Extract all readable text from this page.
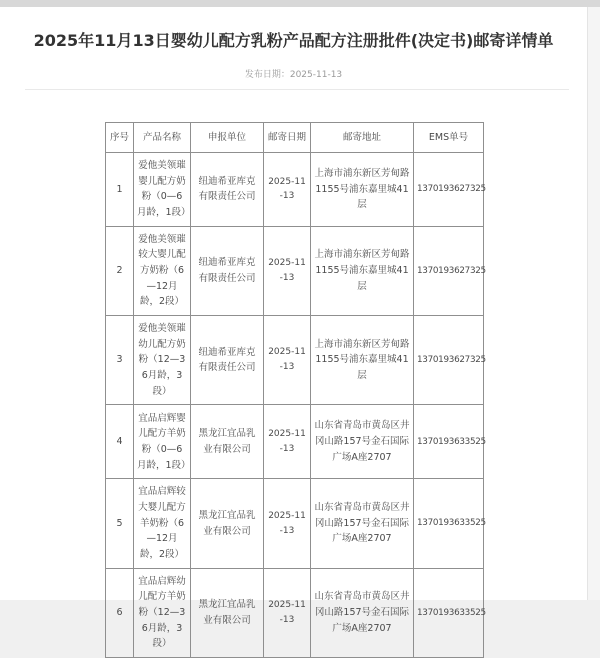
2025年11月13日婴幼儿配方乳粉产品配方注册批件(决定书)邮寄详情单
发布日期：2025-11-13
序号	产品名称	申报单位	邮寄日期	邮寄地址	EMS单号
1	爱他美领璀婴儿配方奶粉（0—6月龄，1段）	纽迪希亚库克有限责任公司	2025-11-13	上海市浦东新区芳甸路1155号浦东嘉里城41层	1370193627325
2	爱他美领璀较大婴儿配方奶粉（6—12月龄，2段）	纽迪希亚库克有限责任公司	2025-11-13	上海市浦东新区芳甸路1155号浦东嘉里城41层	1370193627325
3	爱他美领璀幼儿配方奶粉（12—36月龄，3段）	纽迪希亚库克有限责任公司	2025-11-13	上海市浦东新区芳甸路1155号浦东嘉里城41层	1370193627325
4	宜品启辉婴儿配方羊奶粉（0—6月龄，1段）	黑龙江宜品乳业有限公司	2025-11-13	山东省青岛市黄岛区井冈山路157号金石国际广场A座2707	1370193633525
5	宜品启辉较大婴儿配方羊奶粉（6—12月龄，2段）	黑龙江宜品乳业有限公司	2025-11-13	山东省青岛市黄岛区井冈山路157号金石国际广场A座2707	1370193633525
6	宜品启辉幼儿配方羊奶粉（12—36月龄，3段）	黑龙江宜品乳业有限公司	2025-11-13	山东省青岛市黄岛区井冈山路157号金石国际广场A座2707	1370193633525
